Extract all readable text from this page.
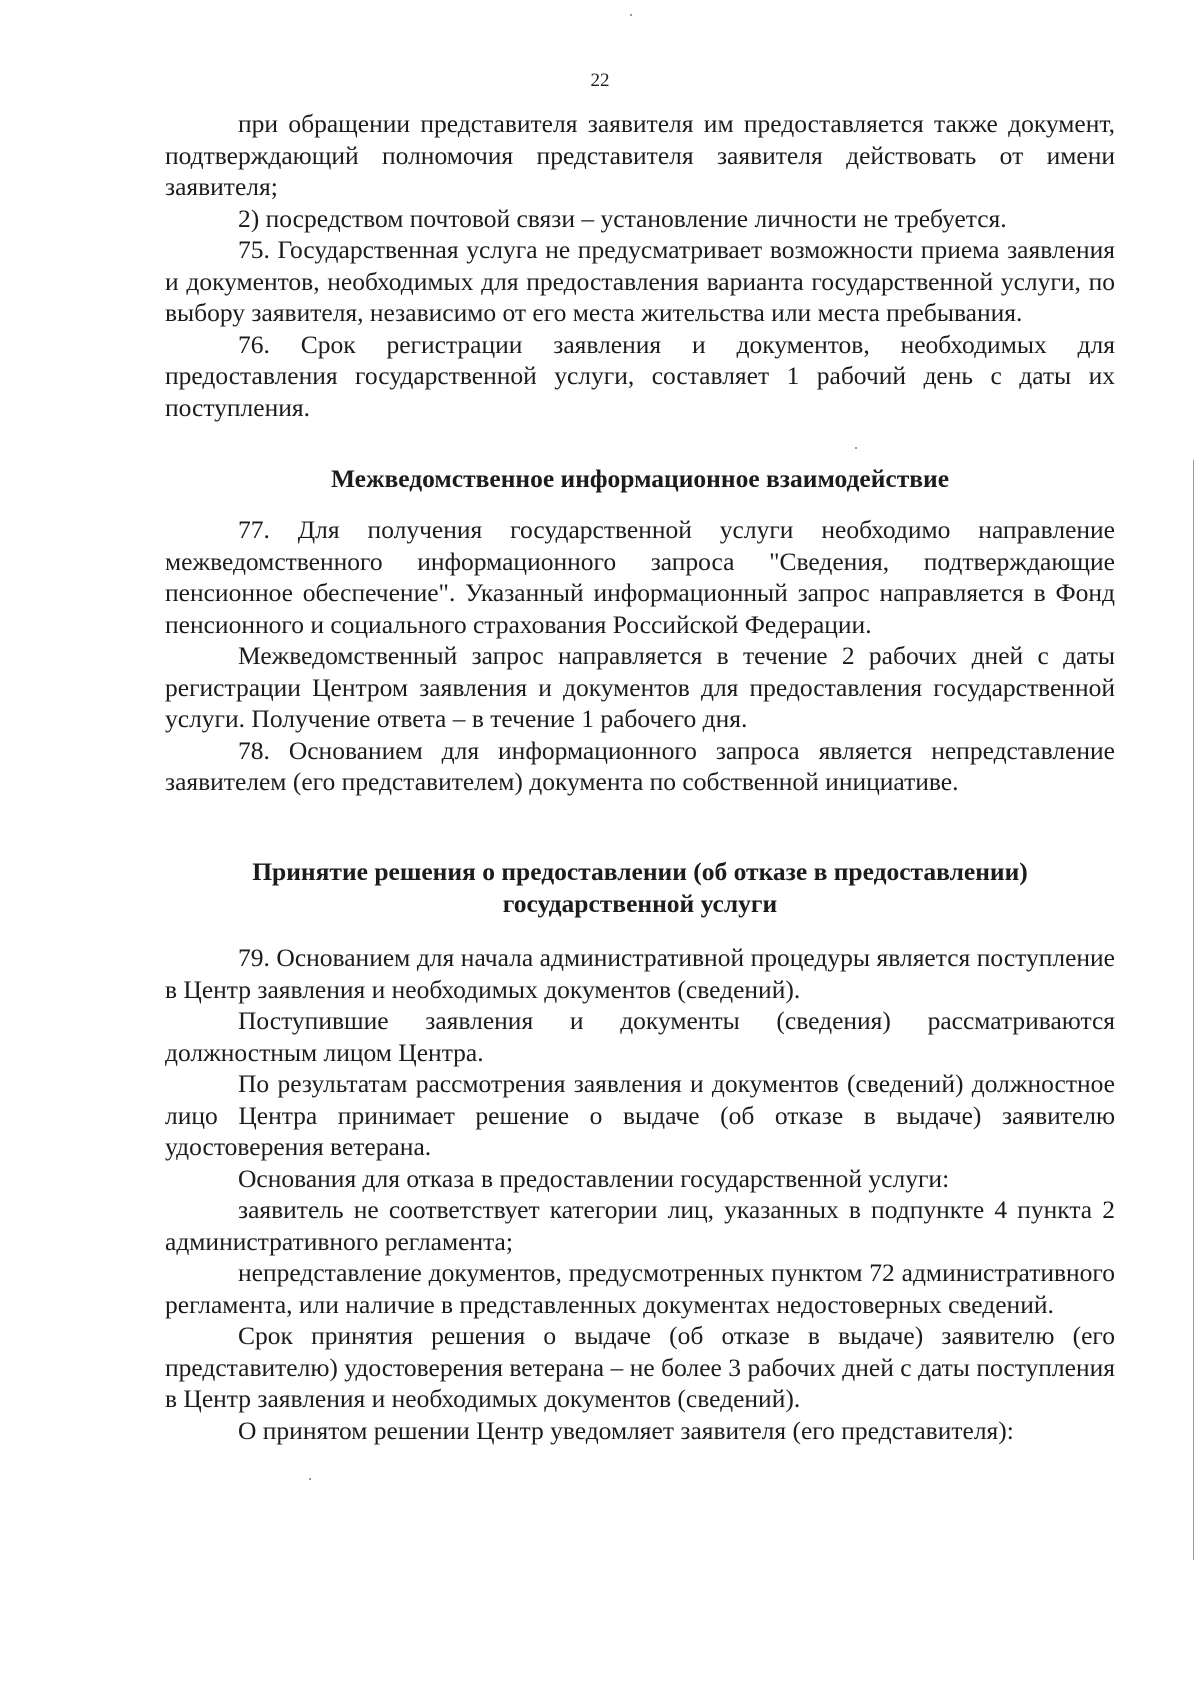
22

при обращении представителя заявителя им предоставляется также документ, подтверждающий полномочия представителя заявителя действовать от имени заявителя;

2) посредством почтовой связи – установление личности не требуется.

75. Государственная услуга не предусматривает возможности приема заявления и документов, необходимых для предоставления варианта государственной услуги, по выбору заявителя, независимо от его места жительства или места пребывания.

76. Срок регистрации заявления и документов, необходимых для предоставления государственной услуги, составляет 1 рабочий день с даты их поступления.

Межведомственное информационное взаимодействие

77. Для получения государственной услуги необходимо направление межведомственного информационного запроса "Сведения, подтверждающие пенсионное обеспечение". Указанный информационный запрос направляется в Фонд пенсионного и социального страхования Российской Федерации.

Межведомственный запрос направляется в течение 2 рабочих дней с даты регистрации Центром заявления и документов для предоставления государственной услуги. Получение ответа – в течение 1 рабочего дня.

78. Основанием для информационного запроса является непредставление заявителем (его представителем) документа по собственной инициативе.

Принятие решения о предоставлении (об отказе в предоставлении)
государственной услуги

79. Основанием для начала административной процедуры является поступление в Центр заявления и необходимых документов (сведений).

Поступившие заявления и документы (сведения) рассматриваются должностным лицом Центра.

По результатам рассмотрения заявления и документов (сведений) должностное лицо Центра принимает решение о выдаче (об отказе в выдаче) заявителю удостоверения ветерана.

Основания для отказа в предоставлении государственной услуги:

заявитель не соответствует категории лиц, указанных в подпункте 4 пункта 2 административного регламента;

непредставление документов, предусмотренных пунктом 72 административного регламента, или наличие в представленных документах недостоверных сведений.

Срок принятия решения о выдаче (об отказе в выдаче) заявителю (его представителю) удостоверения ветерана – не более 3 рабочих дней с даты поступления в Центр заявления и необходимых документов (сведений).

О принятом решении Центр уведомляет заявителя (его представителя):
